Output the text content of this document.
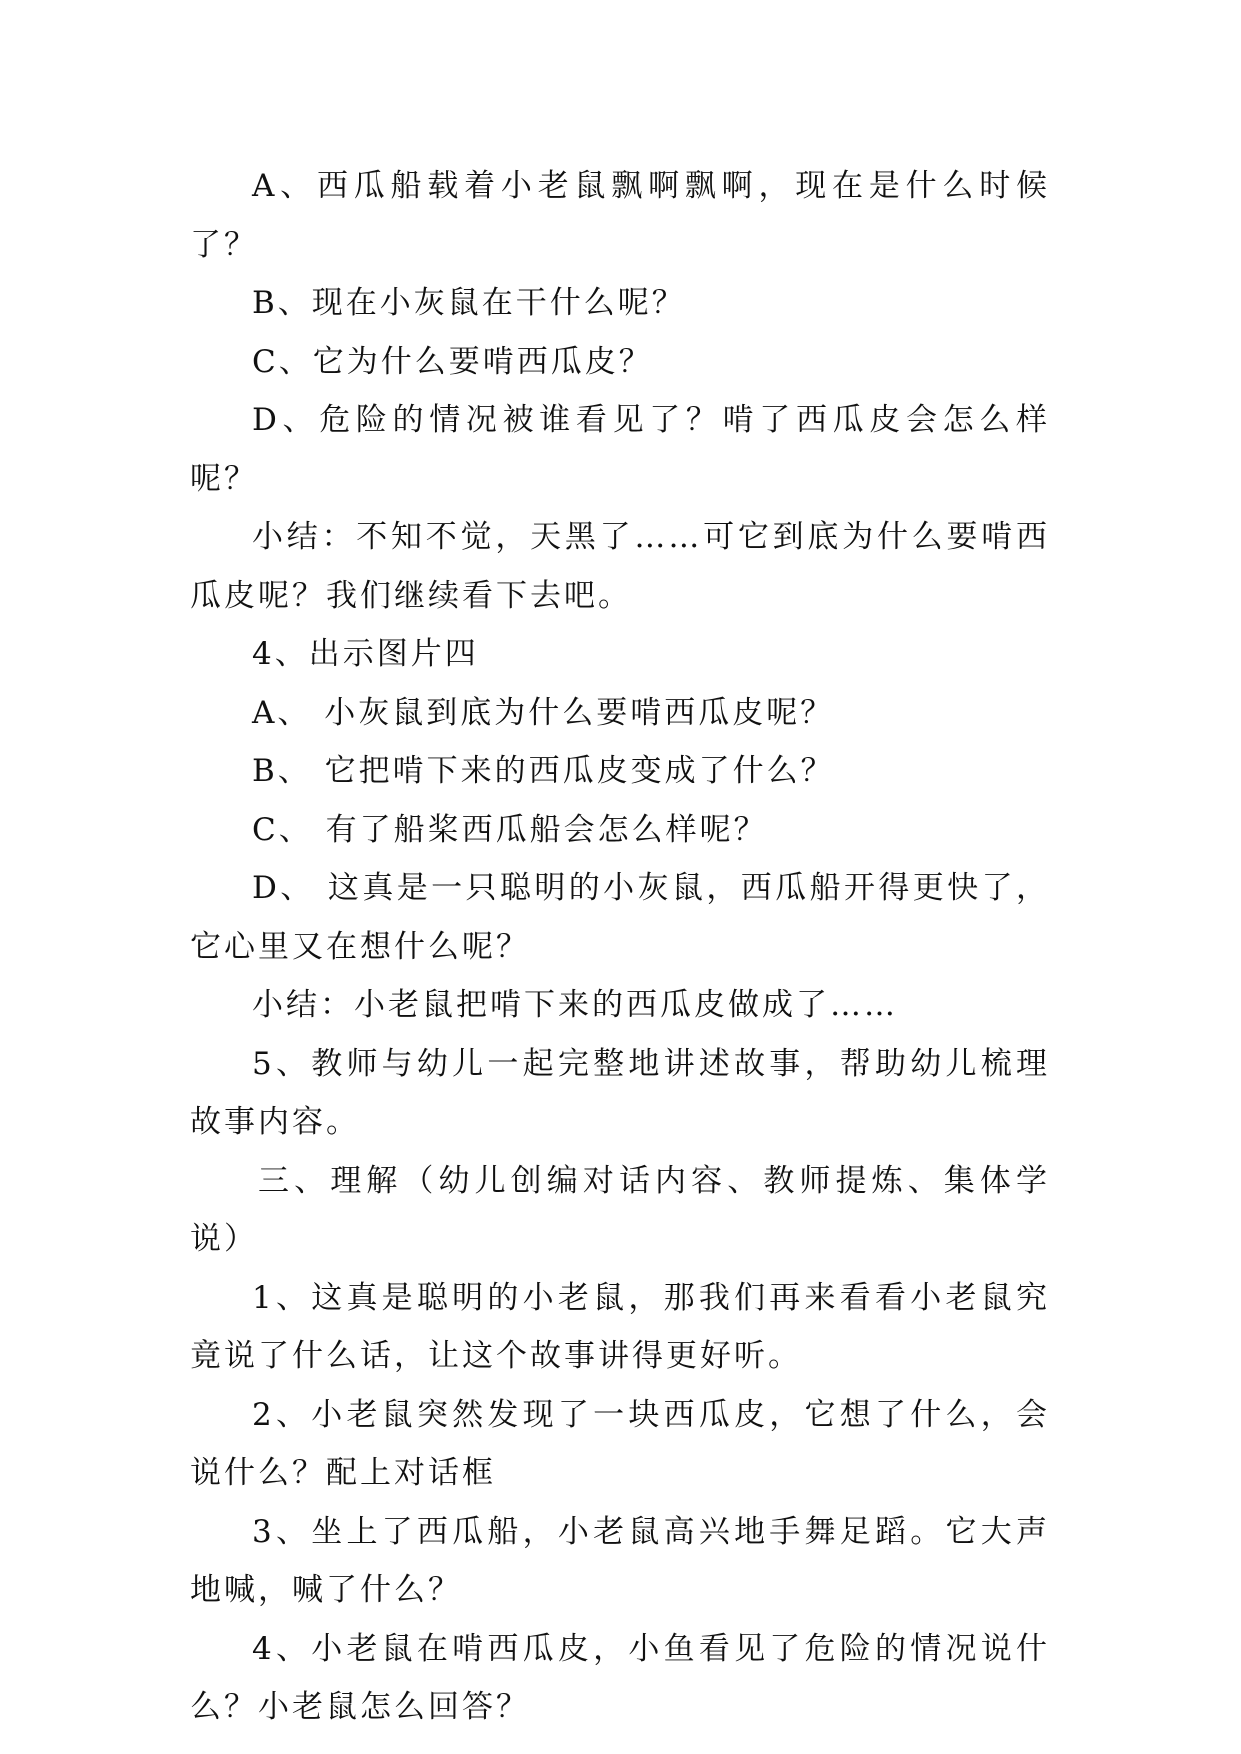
A、西瓜船载着小老鼠飘啊飘啊，现在是什么时候了？

B、现在小灰鼠在干什么呢？

C、它为什么要啃西瓜皮？

D、危险的情况被谁看见了？啃了西瓜皮会怎么样呢？

小结：不知不觉，天黑了……可它到底为什么要啃西瓜皮呢？我们继续看下去吧。

4、出示图片四

A、 小灰鼠到底为什么要啃西瓜皮呢？

B、 它把啃下来的西瓜皮变成了什么？

C、 有了船桨西瓜船会怎么样呢？

D、 这真是一只聪明的小灰鼠，西瓜船开得更快了，它心里又在想什么呢？

小结：小老鼠把啃下来的西瓜皮做成了……

5、教师与幼儿一起完整地讲述故事，帮助幼儿梳理故事内容。

三、理解（幼儿创编对话内容、教师提炼、集体学说）

1、这真是聪明的小老鼠，那我们再来看看小老鼠究竟说了什么话，让这个故事讲得更好听。

2、小老鼠突然发现了一块西瓜皮，它想了什么，会说什么？配上对话框

3、坐上了西瓜船，小老鼠高兴地手舞足蹈。它大声地喊，喊了什么？

4、小老鼠在啃西瓜皮，小鱼看见了危险的情况说什么？小老鼠怎么回答？
